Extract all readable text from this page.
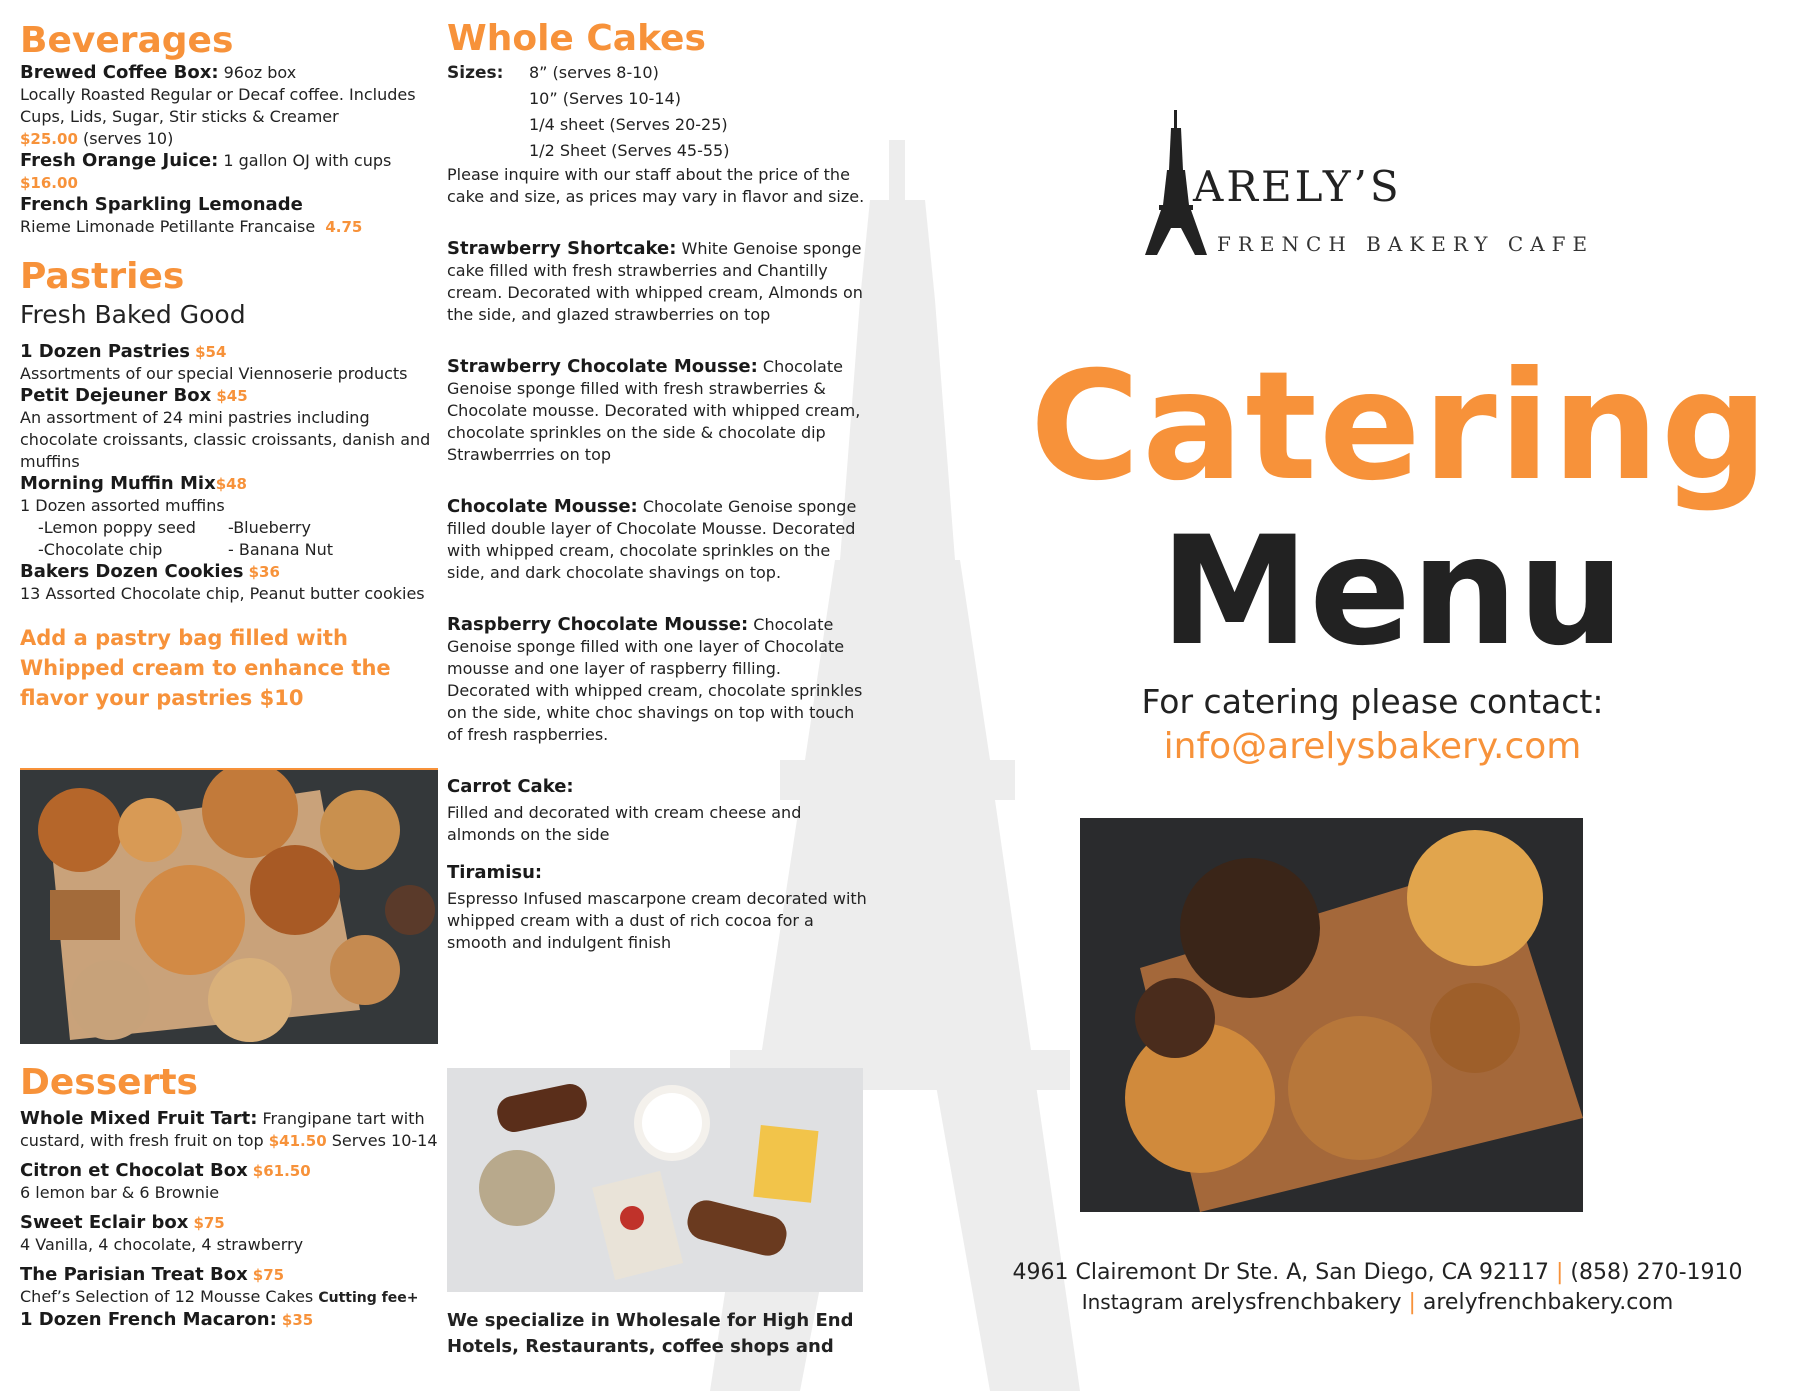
Beverages
Brewed Coffee Box: 96oz box
Locally Roasted Regular or Decaf coffee. Includes Cups, Lids, Sugar, Stir sticks & Creamer
$25.00 (serves 10)
Fresh Orange Juice: 1 gallon OJ with cups
$16.00
French Sparkling Lemonade
Rieme Limonade Petillante Francaise 4.75
Pastries
Fresh Baked Good
1 Dozen Pastries $54
Assortments of our special Viennoserie products
Petit Dejeuner Box $45
An assortment of 24 mini pastries including chocolate croissants, classic croissants, danish and muffins
Morning Muffin Mix$48
1 Dozen assorted muffins

-Lemon poppy seed	-Blueberry
-Chocolate chip	- Banana Nut
Bakers Dozen Cookies $36
13 Assorted Chocolate chip, Peanut butter cookies
Add a pastry bag filled with Whipped cream to enhance the flavor your pastries $10
Desserts
Whole Mixed Fruit Tart: Frangipane tart with custard, with fresh fruit on top $41.50 Serves 10-14
Citron et Chocolat Box $61.50
6 lemon bar & 6 Brownie
Sweet Eclair box $75
4 Vanilla, 4 chocolate, 4 strawberry
The Parisian Treat Box $75
Chef’s Selection of 12 Mousse Cakes Cutting fee+
1 Dozen French Macaron: $35
Whole Cakes
Sizes:	8” (serves 8-10)
10” (Serves 10-14)
1/4 sheet (Serves 20-25)
1/2 Sheet (Serves 45-55)
Please inquire with our staff about the price of the cake and size, as prices may vary in flavor and size.
Strawberry Shortcake: White Genoise sponge cake filled with fresh strawberries and Chantilly cream. Decorated with whipped cream, Almonds on the side, and glazed strawberries on top
Strawberry Chocolate Mousse: Chocolate Genoise sponge filled with fresh strawberries & Chocolate mousse. Decorated with whipped cream, chocolate sprinkles on the side & chocolate dip Strawberrries on top
Chocolate Mousse: Chocolate Genoise sponge filled double layer of Chocolate Mousse. Decorated with whipped cream, chocolate sprinkles on the side, and dark chocolate shavings on top.
Raspberry Chocolate Mousse: Chocolate Genoise sponge filled with one layer of Chocolate mousse and one layer of raspberry filling. Decorated with whipped cream, chocolate sprinkles on the side, white choc shavings on top with touch of fresh raspberries.
Carrot Cake:
Filled and decorated with cream cheese and almonds on the side
Tiramisu:
Espresso Infused mascarpone cream decorated with whipped cream with a dust of rich cocoa for a smooth and indulgent finish
We specialize in Wholesale for High End Hotels, Restaurants, coffee shops and
ARELY’S
FRENCH BAKERY CAFE
Catering
Menu
For catering please contact:
info@arelysbakery.com
4961 Clairemont Dr Ste. A, San Diego, CA 92117 | (858) 270-1910
Instagram arelysfrenchbakery | arelyfrenchbakery.com
